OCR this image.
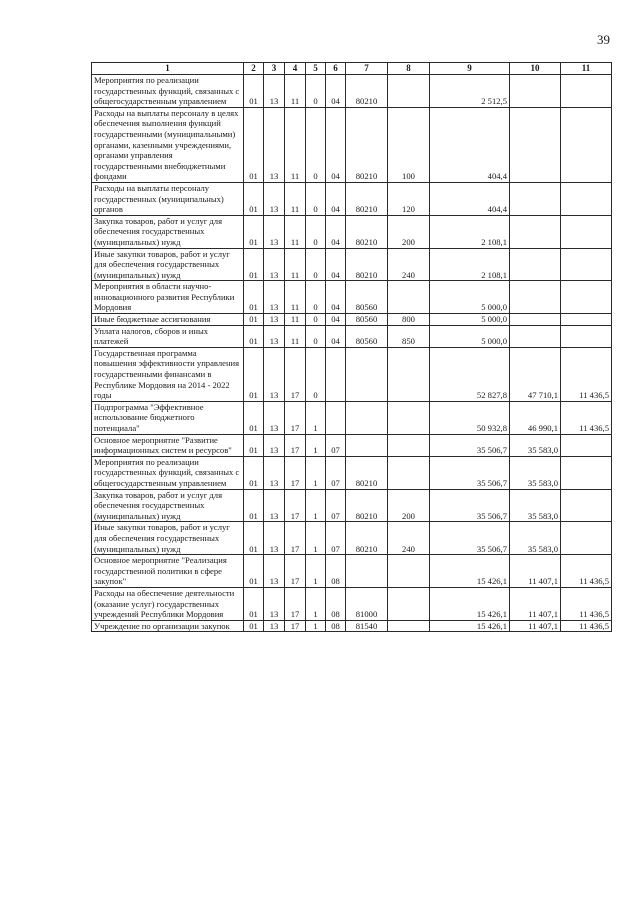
39
1	2	3	4	5	6	7	8	9	10	11
Мероприятия по реализации государственных функций, связанных с общегосударственным управлением	01	13	11	0	04	80210		2 512,5		
Расходы на выплаты персоналу в целях обеспечения выполнения функций государственными (муниципальными) органами, казенными учреждениями, органами управления государственными внебюджетными фондами	01	13	11	0	04	80210	100	404,4		
Расходы на выплаты персоналу государственных (муниципальных) органов	01	13	11	0	04	80210	120	404,4		
Закупка товаров, работ и услуг для обеспечения государственных (муниципальных) нужд	01	13	11	0	04	80210	200	2 108,1		
Иные закупки товаров, работ и услуг для обеспечения государственных (муниципальных) нужд	01	13	11	0	04	80210	240	2 108,1		
Мероприятия в области научно-инновационного развития Республики Мордовия	01	13	11	0	04	80560		5 000,0		
Иные бюджетные ассигнования	01	13	11	0	04	80560	800	5 000,0		
Уплата налогов, сборов и иных платежей	01	13	11	0	04	80560	850	5 000,0		
Государственная программа повышения эффективности управления государственными финансами в Республике Мордовия на 2014 - 2022 годы	01	13	17	0				52 827,8	47 710,1	11 436,5
Подпрограмма "Эффективное использование бюджетного потенциала"	01	13	17	1				50 932,8	46 990,1	11 436,5
Основное мероприятие "Развитие информационных систем и ресурсов"	01	13	17	1	07			35 506,7	35 583,0	
Мероприятия по реализации государственных функций, связанных с общегосударственным управлением	01	13	17	1	07	80210		35 506,7	35 583,0	
Закупка товаров, работ и услуг для обеспечения государственных (муниципальных) нужд	01	13	17	1	07	80210	200	35 506,7	35 583,0	
Иные закупки товаров, работ и услуг для обеспечения государственных (муниципальных) нужд	01	13	17	1	07	80210	240	35 506,7	35 583,0	
Основное мероприятие "Реализация государственной политики в сфере закупок"	01	13	17	1	08			15 426,1	11 407,1	11 436,5
Расходы на обеспечение деятельности (оказание услуг) государственных учреждений Республики Мордовия	01	13	17	1	08	81000		15 426,1	11 407,1	11 436,5
Учреждение по организации закупок	01	13	17	1	08	81540		15 426,1	11 407,1	11 436,5
